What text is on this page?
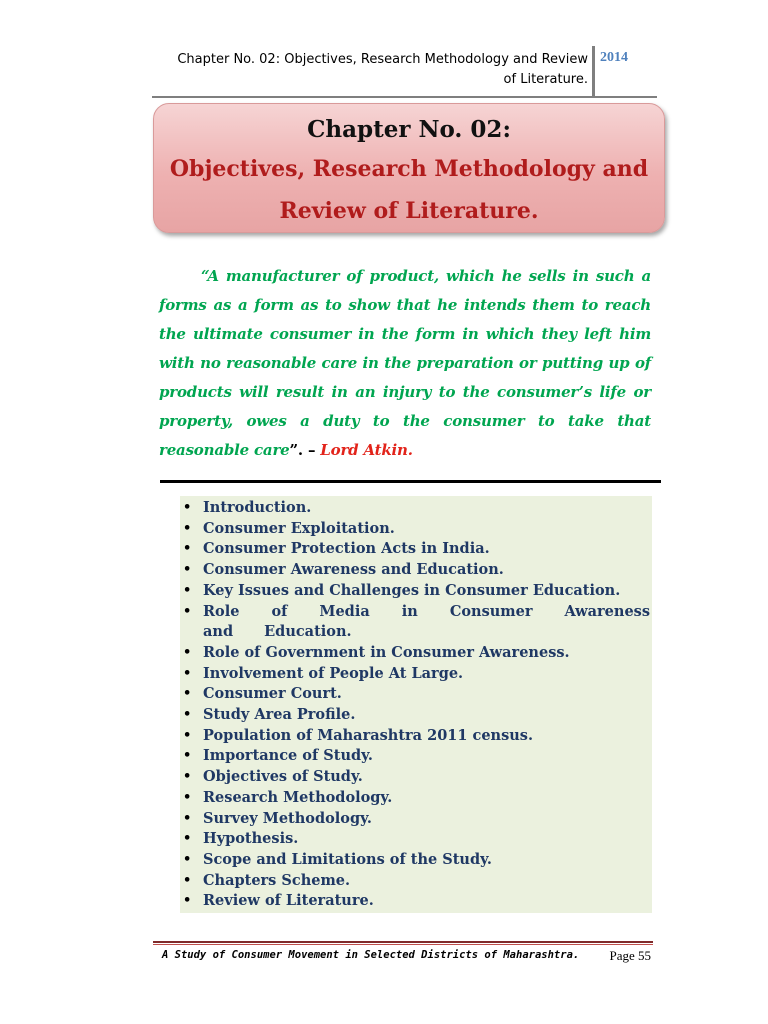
Chapter No. 02: Objectives, Research Methodology and Review
of Literature.
2014
Chapter No. 02:
Objectives, Research Methodology and
Review of Literature.
“A manufacturer of product, which he sells in such a forms as a form as to show that he intends them to reach the ultimate consumer in the form in which they left him with no reasonable care in the preparation or putting up of products will result in an injury to the consumer’s life or property, owes a duty to the consumer to take that reasonable care”. – Lord Atkin.
• Introduction.
• Consumer Exploitation.
• Consumer Protection Acts in India.
• Consumer Awareness and Education.
• Key Issues and Challenges in Consumer Education.
• Role of Media in Consumer Awareness and Education.
• Role of Government in Consumer Awareness.
• Involvement of People At Large.
• Consumer Court.
• Study Area Profile.
• Population of Maharashtra 2011 census.
• Importance of Study.
• Objectives of Study.
• Research Methodology.
• Survey Methodology.
• Hypothesis.
• Scope and Limitations of the Study.
• Chapters Scheme.
• Review of Literature.
A Study of Consumer Movement in Selected Districts of Maharashtra. Page 55
